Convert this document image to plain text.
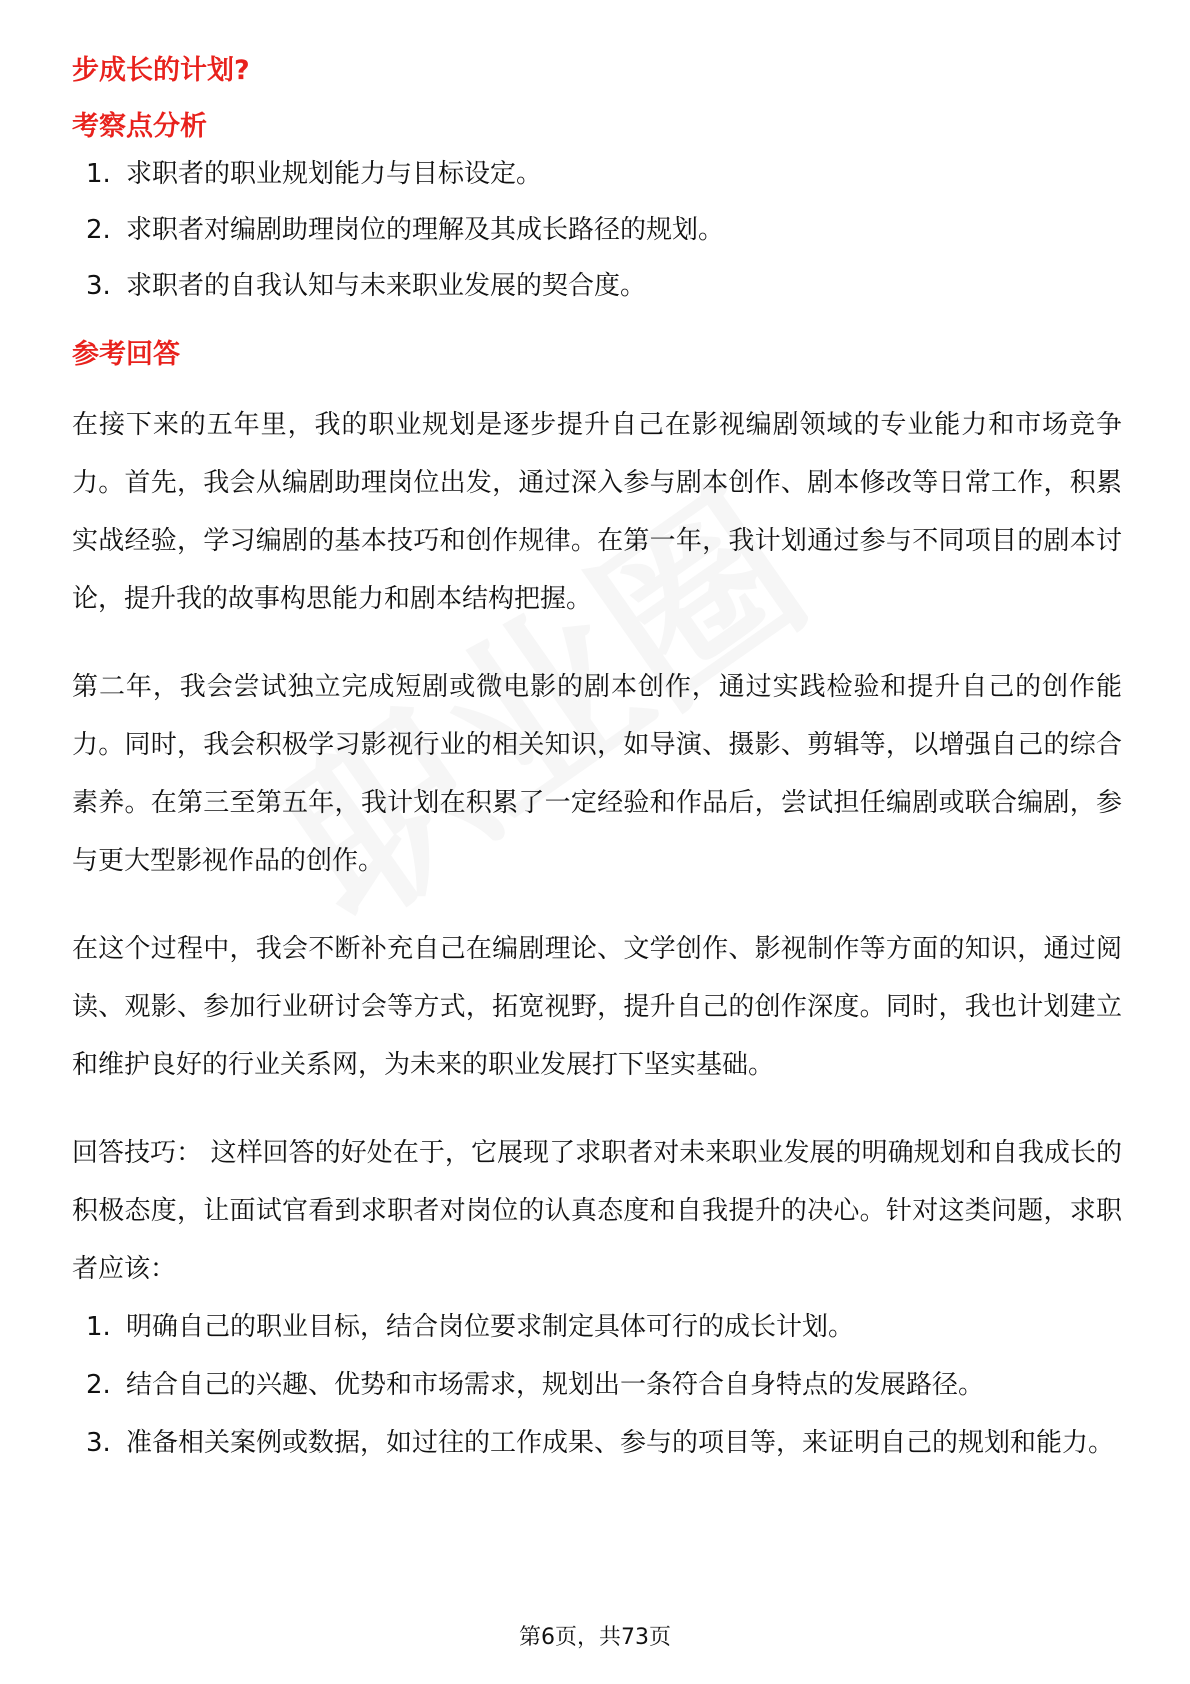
步成长的计划?

考察点分析

1. 求职者的职业规划能力与目标设定。
2. 求职者对编剧助理岗位的理解及其成长路径的规划。
3. 求职者的自我认知与未来职业发展的契合度。

参考回答

在接下来的五年里，我的职业规划是逐步提升自己在影视编剧领域的专业能力和市场竞争力。首先，我会从编剧助理岗位出发，通过深入参与剧本创作、剧本修改等日常工作，积累实战经验，学习编剧的基本技巧和创作规律。在第一年，我计划通过参与不同项目的剧本讨论，提升我的故事构思能力和剧本结构把握。

第二年，我会尝试独立完成短剧或微电影的剧本创作，通过实践检验和提升自己的创作能力。同时，我会积极学习影视行业的相关知识，如导演、摄影、剪辑等，以增强自己的综合素养。在第三至第五年，我计划在积累了一定经验和作品后，尝试担任编剧或联合编剧，参与更大型影视作品的创作。

在这个过程中，我会不断补充自己在编剧理论、文学创作、影视制作等方面的知识，通过阅读、观影、参加行业研讨会等方式，拓宽视野，提升自己的创作深度。同时，我也计划建立和维护良好的行业关系网，为未来的职业发展打下坚实基础。

回答技巧： 这样回答的好处在于，它展现了求职者对未来职业发展的明确规划和自我成长的积极态度，让面试官看到求职者对岗位的认真态度和自我提升的决心。针对这类问题，求职者应该：

1. 明确自己的职业目标，结合岗位要求制定具体可行的成长计划。
2. 结合自己的兴趣、优势和市场需求，规划出一条符合自身特点的发展路径。
3. 准备相关案例或数据，如过往的工作成果、参与的项目等，来证明自己的规划和能力。
第6页，共73页
